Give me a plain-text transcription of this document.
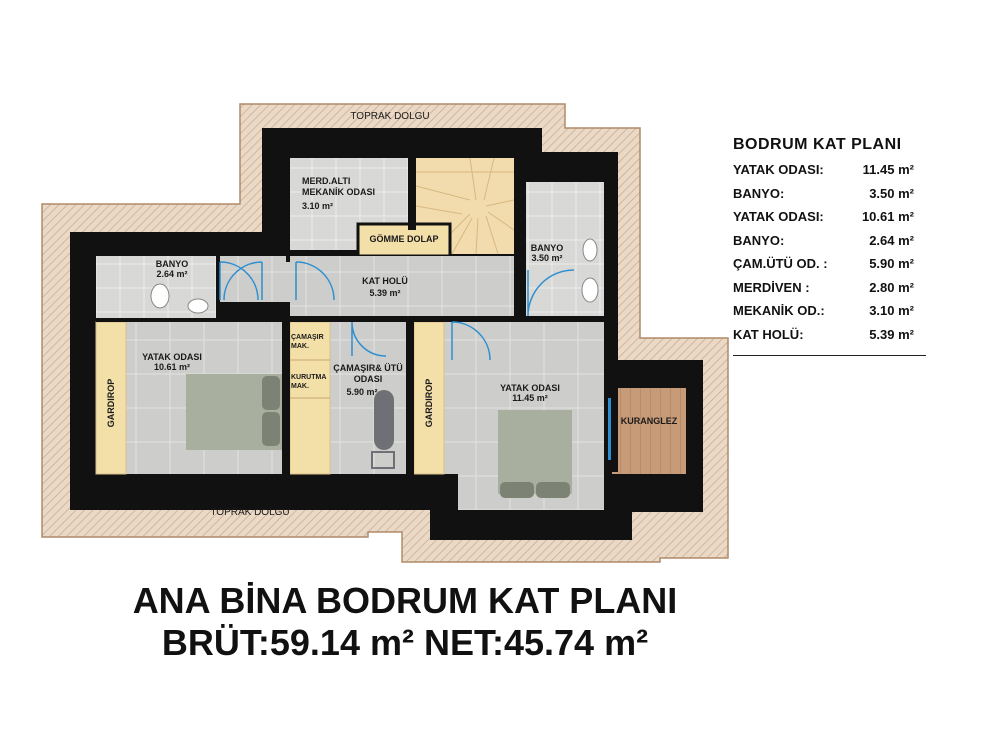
TOPRAK DOLGU
TOPRAK DOLGU
MERD.ALTI MEKANİK ODASI
3.10 m²
GÖMME DOLAP
KAT HOLÜ
5.39 m²
BANYO
2.64 m²
BANYO
3.50 m²
YATAK ODASI
10.61 m²
YATAK ODASI
11.45 m²
ÇAMAŞIR MAK.
KURUTMA MAK.
ÇAMAŞIR& ÜTÜ ODASI
5.90 m²
GARDIROP	GARDIROP	KURANGLEZ
BODRUM KAT PLANI
YATAK ODASI:	11.45 m²
BANYO:	3.50 m²
YATAK ODASI:	10.61 m²
BANYO:	2.64 m²
ÇAM.ÜTÜ OD. :	5.90 m²
MERDİVEN :	2.80 m²
MEKANİK OD.:	3.10 m²
KAT HOLÜ:	5.39 m²
ANA BİNA BODRUM KAT PLANI
BRÜT:59.14 m² NET:45.74 m²
